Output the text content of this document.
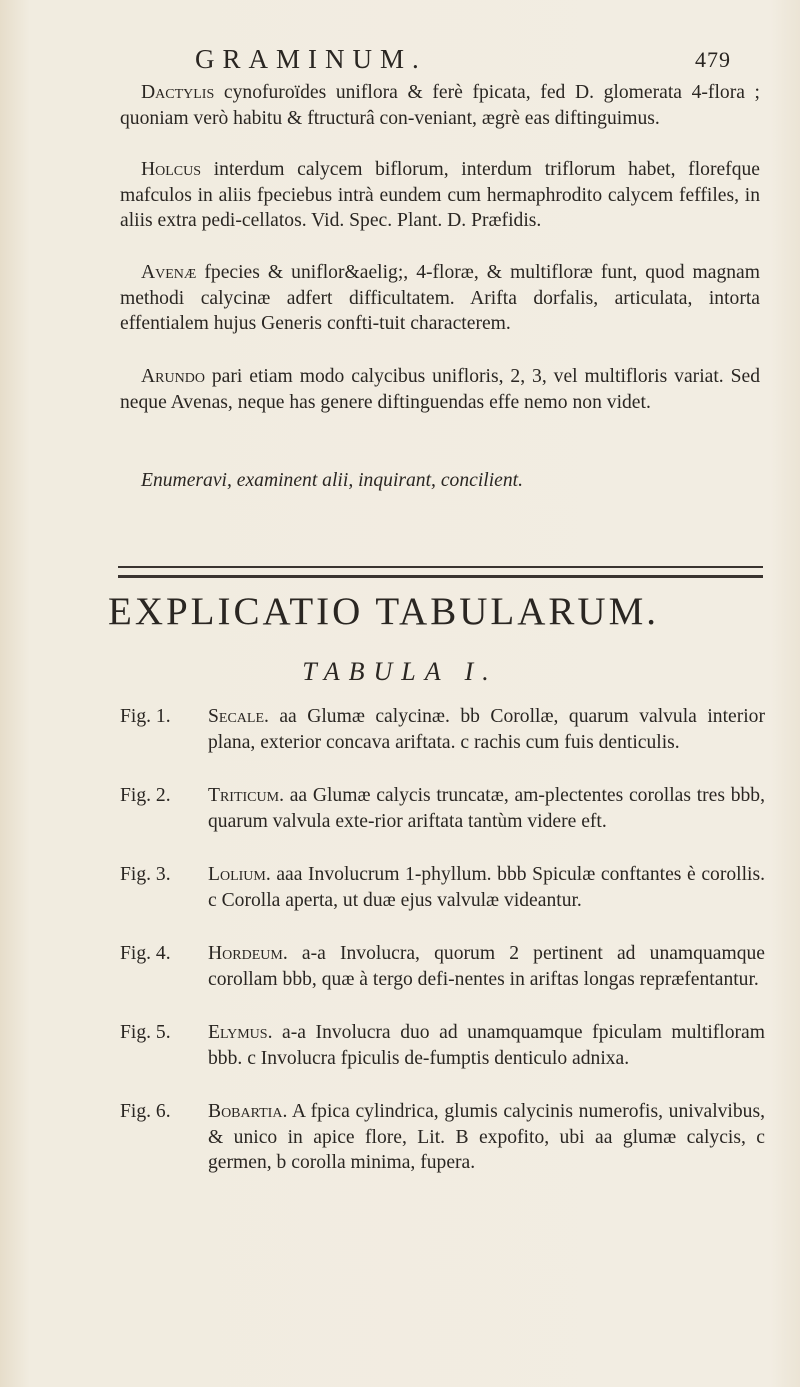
GRAMINUM.	479
Dactylis cynofuroïdes uniflora & ferè fpicata, fed D. glomerata 4-flora ; quoniam verò habitu & ftructurâ con-veniant, ægrè eas diftinguimus.
Holcus interdum calycem biflorum, interdum triflorum habet, florefque mafculos in aliis fpeciebus intrà eundem cum hermaphrodito calycem feffiles, in aliis extra pedi-cellatos. Vid. Spec. Plant. D. Præfidis.
Avenæ fpecies & uniflor&aelig;, 4-floræ, & multifloræ funt, quod magnam methodi calycinæ adfert difficultatem. Arifta dorfalis, articulata, intorta effentialem hujus Generis confti-tuit characterem.
Arundo pari etiam modo calycibus unifloris, 2, 3, vel multifloris variat. Sed neque Avenas, neque has genere diftinguendas effe nemo non videt.
Enumeravi, examinent alii, inquirant, concilient.
EXPLICATIO TABULARUM.
TABULA I.
Fig. 1. Secale. aa Glumæ calycinæ. bb Corollæ, quarum valvula interior plana, exterior concava ariftata. c rachis cum fuis denticulis.
Fig. 2. Triticum. aa Glumæ calycis truncatæ, am-plectentes corollas tres bbb, quarum valvula exte-rior ariftata tantùm videre eft.
Fig. 3. Lolium. aaa Involucrum 1-phyllum. bbb Spiculæ conftantes è corollis. c Corolla aperta, ut duæ ejus valvulæ videantur.
Fig. 4. Hordeum. a-a Involucra, quorum 2 pertinent ad unamquamque corollam bbb, quæ à tergo defi-nentes in ariftas longas repræfentantur.
Fig. 5. Elymus. a-a Involucra duo ad unamquamque fpiculam multifloram bbb. c Involucra fpiculis de-fumptis denticulo adnixa.
Fig. 6. Bobartia. A fpica cylindrica, glumis calycinis numerofis, univalvibus, & unico in apice flore, Lit. B expofito, ubi aa glumæ calycis, c germen, b corolla minima, fupera.
